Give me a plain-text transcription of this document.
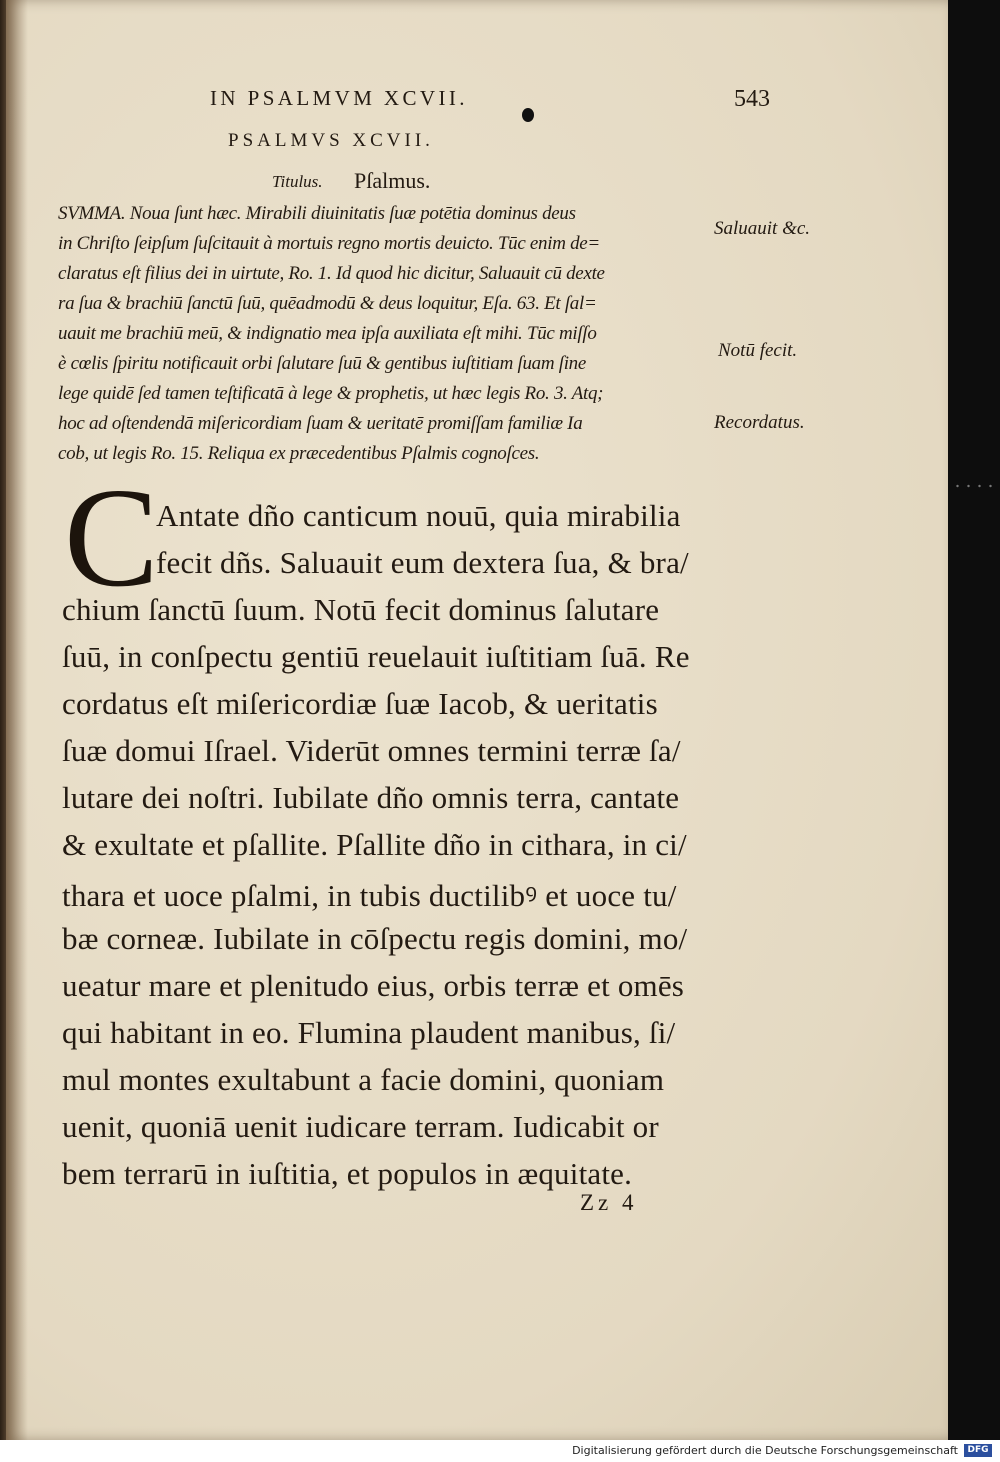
IN PSALMVM XCVII.	543
PSALMVS XCVII.
Titulus. Pſalmus.
SVMMA. Noua ſunt hæc. Mirabili diuinitatis ſuæ potētia dominus deus
in Chriſto ſeipſum ſuſcitauit à mortuis regno mortis deuicto. Tūc enim de=
claratus eſt filius dei in uirtute, Ro. 1. Id quod hic dicitur, Saluauit cū dexte
ra ſua & brachiū ſanctū ſuū, quēadmodū & deus loquitur, Eſa. 63. Et ſal=
uauit me brachiū meū, & indignatio mea ipſa auxiliata eſt mihi. Tūc miſſo
è cœlis ſpiritu notificauit orbi ſalutare ſuū & gentibus iuſtitiam ſuam ſine
lege quidē ſed tamen teſtificatā à lege & prophetis, ut hæc legis Ro. 3. Atq;
hoc ad oſtendendā miſericordiam ſuam & ueritatē promiſſam familiæ Ia
cob, ut legis Ro. 15. Reliqua ex præcedentibus Pſalmis cognoſces.
Saluauit &c.
Notū fecit.
Recordatus.
C
Antate dño canticum nouū, quia mirabilia
fecit dñs. Saluauit eum dextera ſua, & bra/
chium ſanctū ſuum. Notū fecit dominus ſalutare
ſuū, in conſpectu gentiū reuelauit iuſtitiam ſuā. Re
cordatus eſt miſericordiæ ſuæ Iacob, & ueritatis
ſuæ domui Iſrael. Viderūt omnes termini terræ ſa/
lutare dei noſtri. Iubilate dño omnis terra, cantate
& exultate et pſallite. Pſallite dño in cithara, in ci/
thara et uoce pſalmi, in tubis ductilibꝰ et uoce tu/
bæ corneæ. Iubilate in cōſpectu regis domini, mo/
ueatur mare et plenitudo eius, orbis terræ et omēs
qui habitant in eo. Flumina plaudent manibus, ſi/
mul montes exultabunt a facie domini, quoniam
uenit, quoniā uenit iudicare terram. Iudicabit or
bem terrarū in iuſtitia, et populos in æquitate.
Zz 4
Digitalisierung gefördert durch die Deutsche Forschungsgemeinschaft	DFG
